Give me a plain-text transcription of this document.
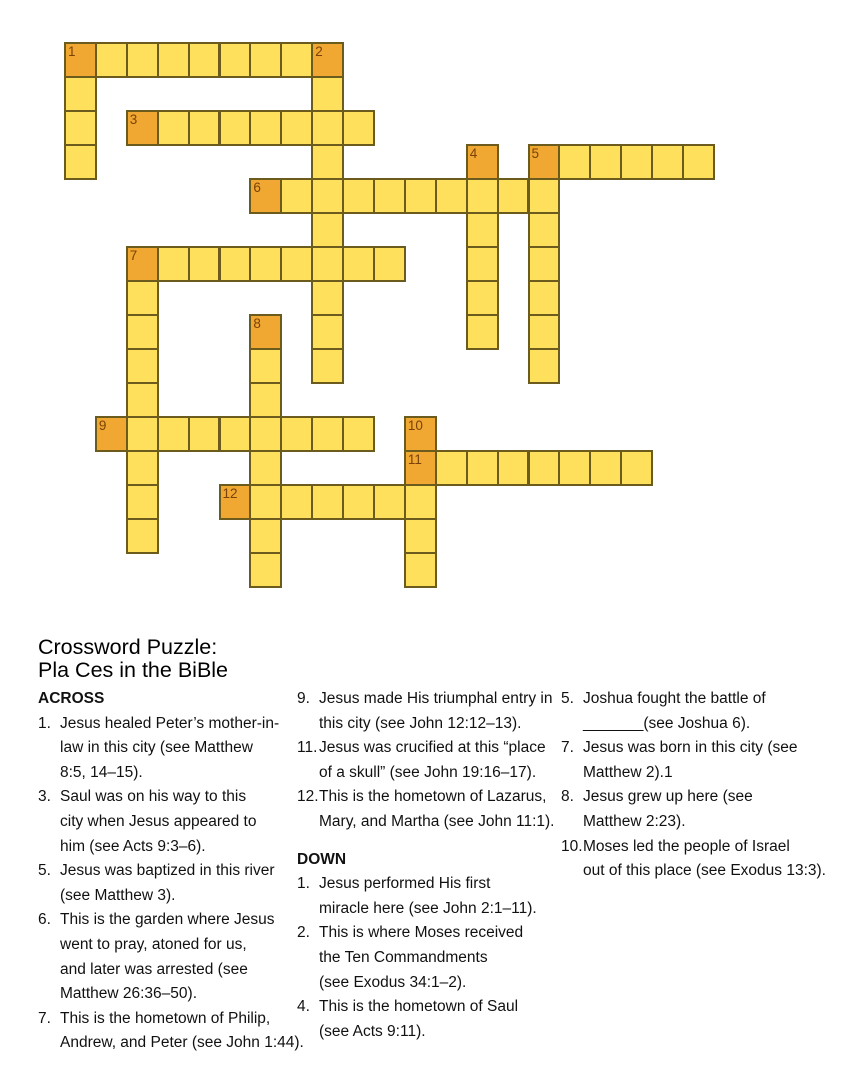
1	2
3
4	5
6
7
8
9	10
11
12
Crossword Puzzle:
Pla Ces in the BiBle
ACROSS
1. Jesus healed Peter’s mother-in-
law in this city (see Matthew
8:5, 14–15).
3. Saul was on his way to this
city when Jesus appeared to
him (see Acts 9:3–6).
5. Jesus was baptized in this river
(see Matthew 3).
6. This is the garden where Jesus
went to pray, atoned for us,
and later was arrested (see
Matthew 26:36–50).
7. This is the hometown of Philip,
Andrew, and Peter (see John 1:44).
9. Jesus made His triumphal entry in
this city (see John 12:12–13).
11. Jesus was crucified at this “place
of a skull” (see John 19:16–17).
12. This is the hometown of Lazarus,
Mary, and Martha (see John 11:1).
DOWN
1. Jesus performed His first
miracle here (see John 2:1–11).
2. This is where Moses received
the Ten Commandments
(see Exodus 34:1–2).
4. This is the hometown of Saul
(see Acts 9:11).
5. Joshua fought the battle of
_______(see Joshua 6).
7. Jesus was born in this city (see
Matthew 2).1
8. Jesus grew up here (see
Matthew 2:23).
10. Moses led the people of Israel
out of this place (see Exodus 13:3).
